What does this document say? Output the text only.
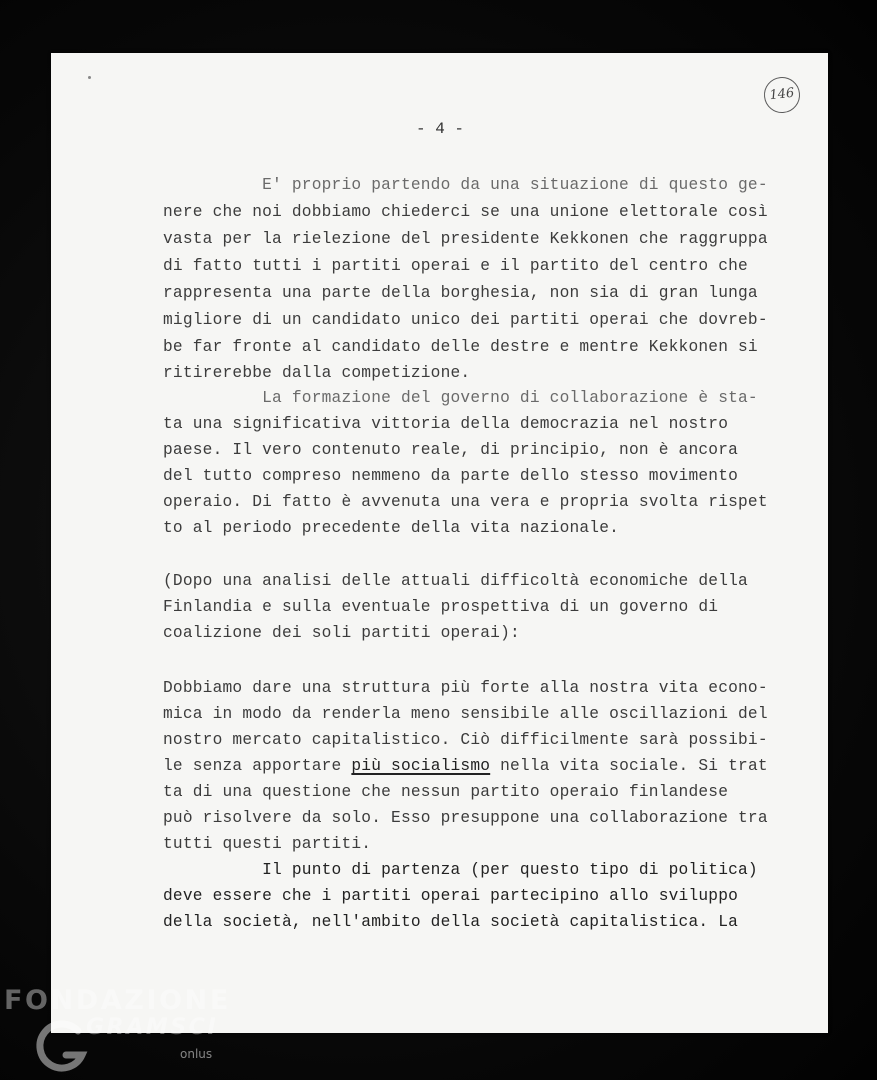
146
- 4 -
E' proprio partendo da una situazione di questo ge-
nere che noi dobbiamo chiederci se una unione elettorale così
vasta per la rielezione del presidente Kekkonen che raggruppa
di fatto tutti i partiti operai e il partito del centro che
rappresenta una parte della borghesia, non sia di gran lunga
migliore di un candidato unico dei partiti operai che dovreb-
be far fronte al candidato delle destre e mentre Kekkonen si
ritirerebbe dalla competizione.
La formazione del governo di collaborazione è sta-
ta una significativa vittoria della democrazia nel nostro
paese. Il vero contenuto reale, di principio, non è ancora
del tutto compreso nemmeno da parte dello stesso movimento
operaio. Di fatto è avvenuta una vera e propria svolta rispet
to al periodo precedente della vita nazionale.
(Dopo una analisi delle attuali difficoltà economiche della
Finlandia e sulla eventuale prospettiva di un governo di
coalizione dei soli partiti operai):
Dobbiamo dare una struttura più forte alla nostra vita econo-
mica in modo da renderla meno sensibile alle oscillazioni del
nostro mercato capitalistico. Ciò difficilmente sarà possibi-
le senza apportare più socialismo nella vita sociale. Si trat
ta di una questione che nessun partito operaio finlandese
può risolvere da solo. Esso presuppone una collaborazione tra
tutti questi partiti.
Il punto di partenza (per questo tipo di politica)
deve essere che i partiti operai partecipino allo sviluppo
della società, nell'ambito della società capitalistica. La
FONDAZIONE
GRAMSCI
onlus
